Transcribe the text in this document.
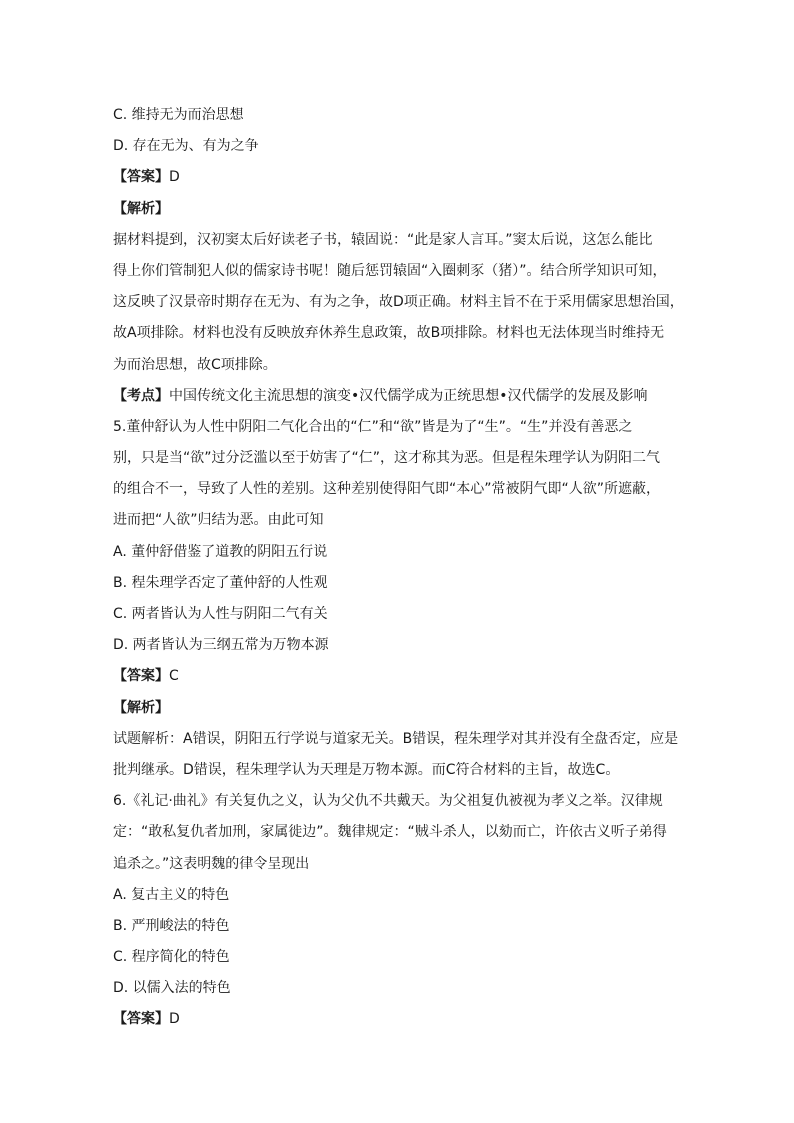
C. 维持无为而治思想
D. 存在无为、有为之争
【答案】D
【解析】
据材料提到，汉初窦太后好读老子书，辕固说：“此是家人言耳。”窦太后说，这怎么能比
得上你们管制犯人似的儒家诗书呢！随后惩罚辕固“入圈刺豕（猪）”。结合所学知识可知，
这反映了汉景帝时期存在无为、有为之争，故D项正确。材料主旨不在于采用儒家思想治国，
故A项排除。材料也没有反映放弃休养生息政策，故B项排除。材料也无法体现当时维持无
为而治思想，故C项排除。
【考点】中国传统文化主流思想的演变•汉代儒学成为正统思想•汉代儒学的发展及影响
5.董仲舒认为人性中阴阳二气化合出的“仁”和“欲”皆是为了“生”。“生”并没有善恶之
别，只是当“欲”过分泛滥以至于妨害了“仁”，这才称其为恶。但是程朱理学认为阴阳二气
的组合不一，导致了人性的差别。这种差别使得阳气即“本心”常被阴气即“人欲”所遮蔽，
进而把“人欲”归结为恶。由此可知
A. 董仲舒借鉴了道教的阴阳五行说
B. 程朱理学否定了董仲舒的人性观
C. 两者皆认为人性与阴阳二气有关
D. 两者皆认为三纲五常为万物本源
【答案】C
【解析】
试题解析：A错误，阴阳五行学说与道家无关。B错误，程朱理学对其并没有全盘否定，应是
批判继承。D错误，程朱理学认为天理是万物本源。而C符合材料的主旨，故选C。
6.《礼记·曲礼》有关复仇之义，认为父仇不共戴天。为父祖复仇被视为孝义之举。汉律规
定：“敢私复仇者加刑，家属徙边”。魏律规定：“贼斗杀人，以劾而亡，许依古义听子弟得
追杀之。”这表明魏的律令呈现出
A. 复古主义的特色
B. 严刑峻法的特色
C. 程序简化的特色
D. 以儒入法的特色
【答案】D
